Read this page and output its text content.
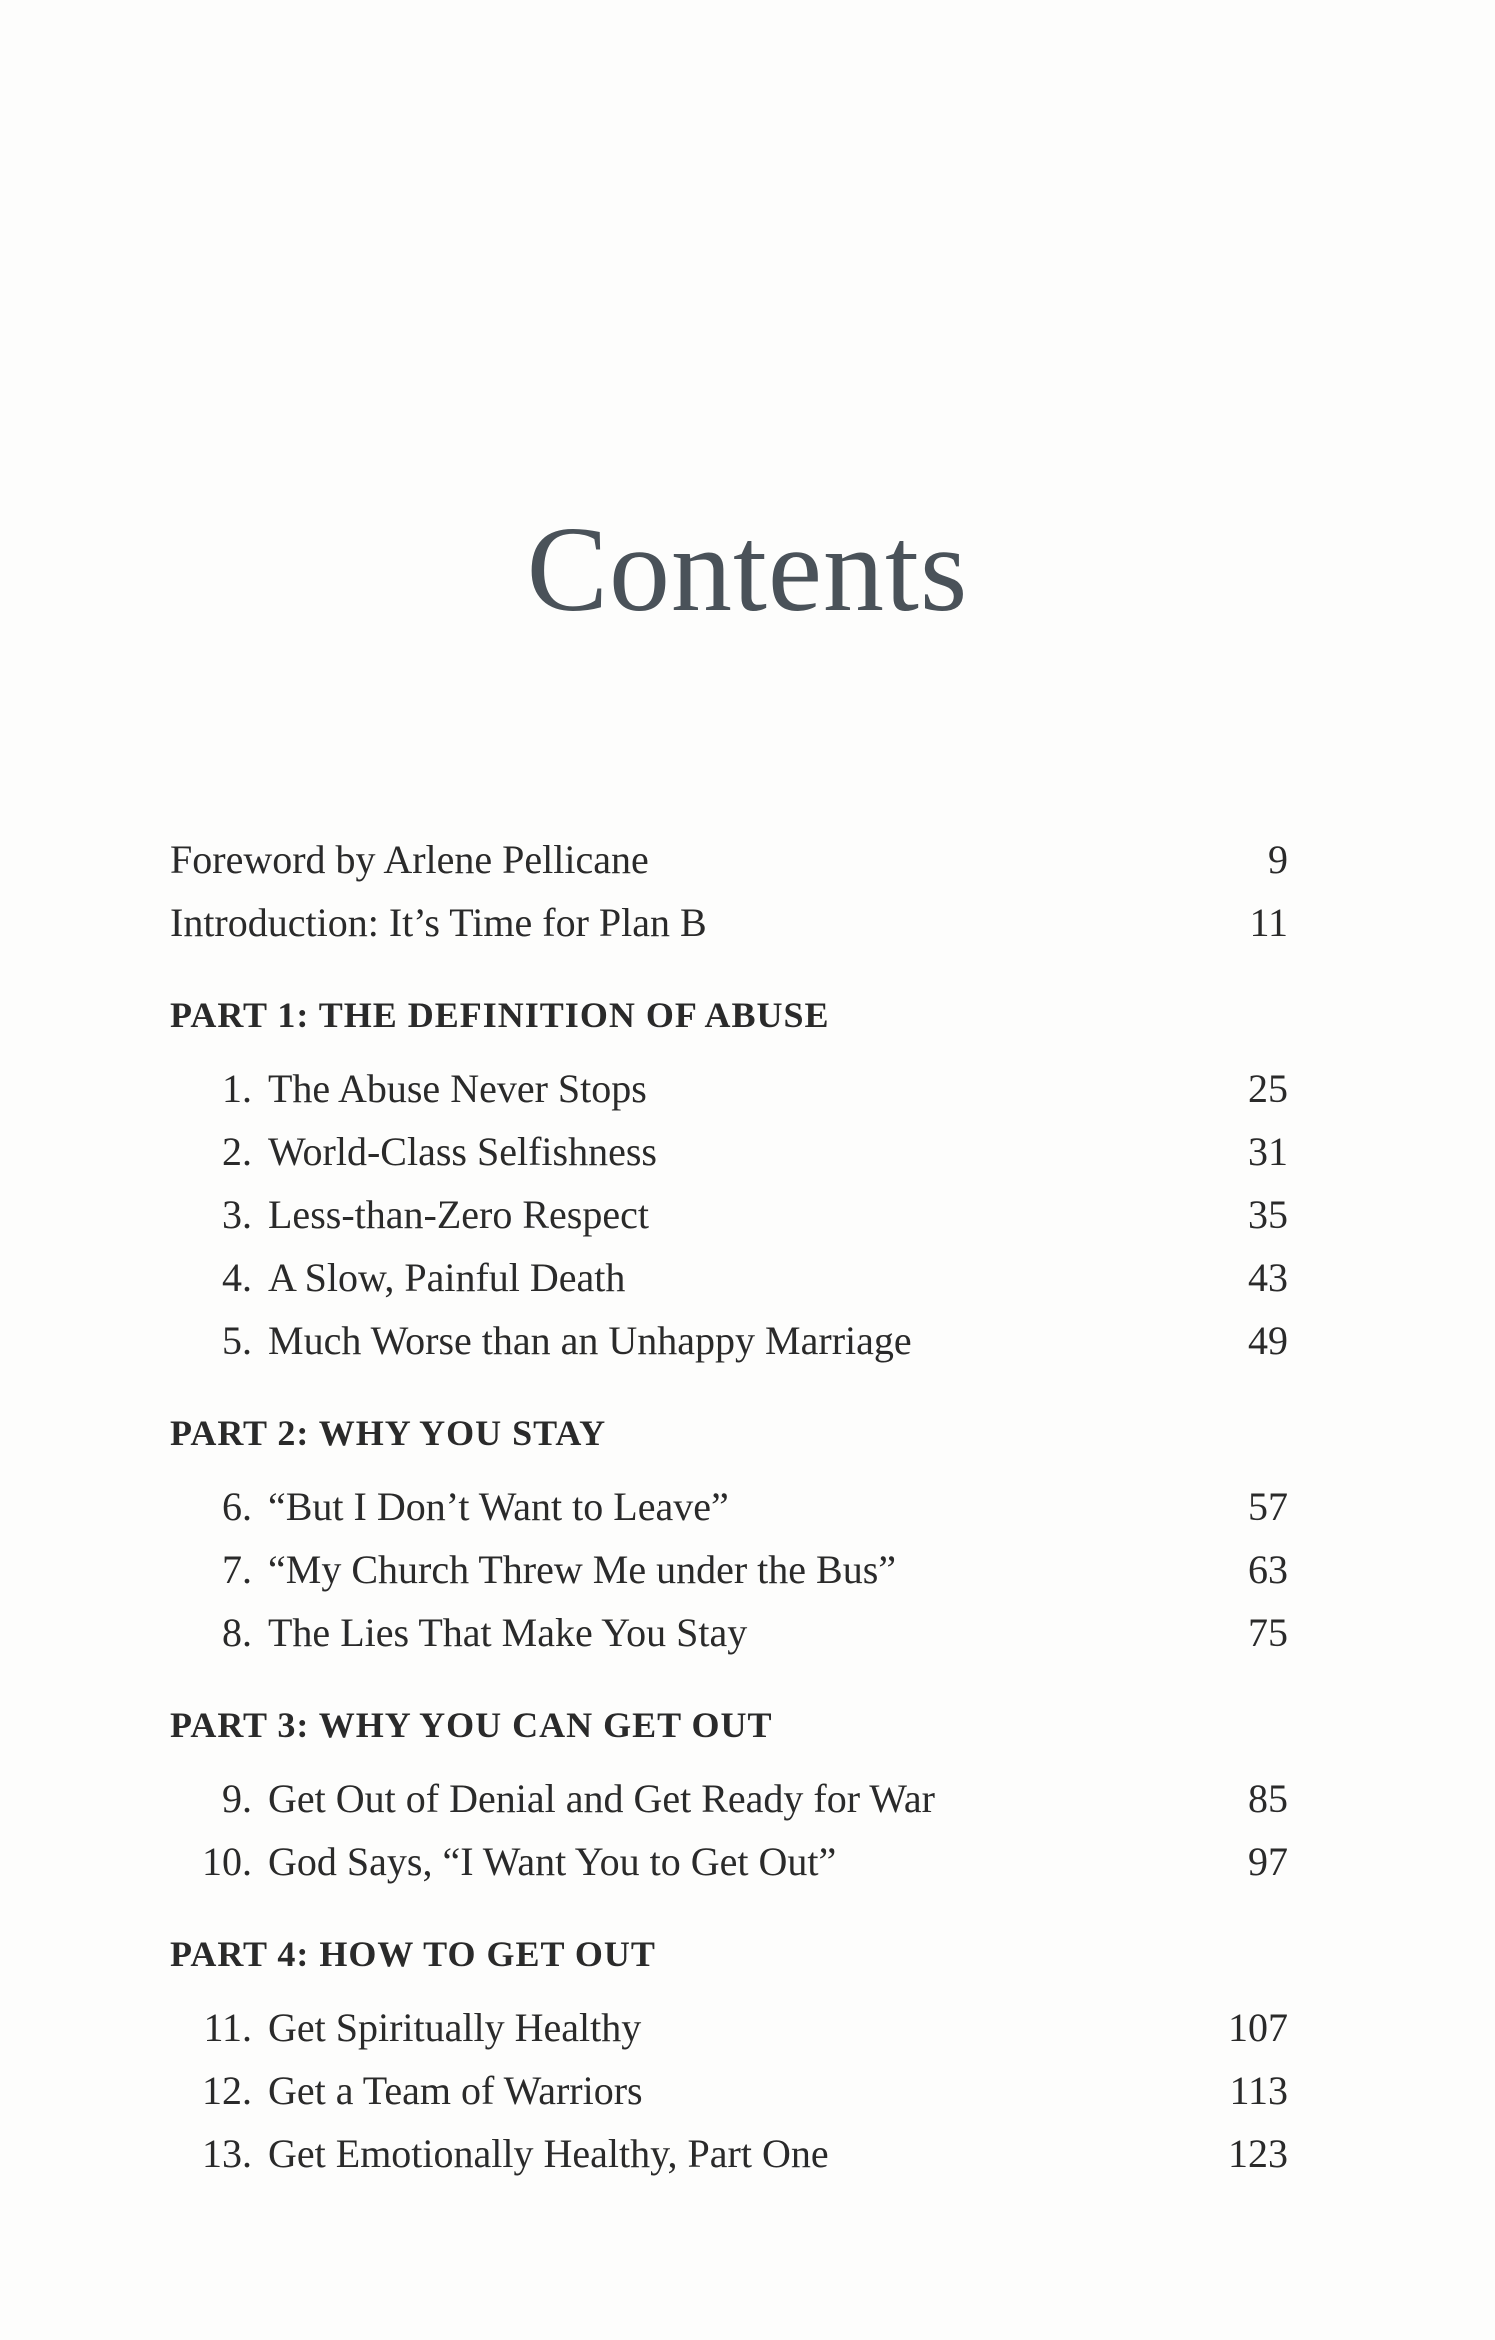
Contents
Foreword by Arlene Pellicane	9
Introduction: It’s Time for Plan B	11
PART 1: THE DEFINITION OF ABUSE
1. The Abuse Never Stops	25
2. World-Class Selfishness	31
3. Less-than-Zero Respect	35
4. A Slow, Painful Death	43
5. Much Worse than an Unhappy Marriage	49
PART 2: WHY YOU STAY
6. “But I Don’t Want to Leave”	57
7. “My Church Threw Me under the Bus”	63
8. The Lies That Make You Stay	75
PART 3: WHY YOU CAN GET OUT
9. Get Out of Denial and Get Ready for War	85
10. God Says, “I Want You to Get Out”	97
PART 4: HOW TO GET OUT
11. Get Spiritually Healthy	107
12. Get a Team of Warriors	113
13. Get Emotionally Healthy, Part One	123
